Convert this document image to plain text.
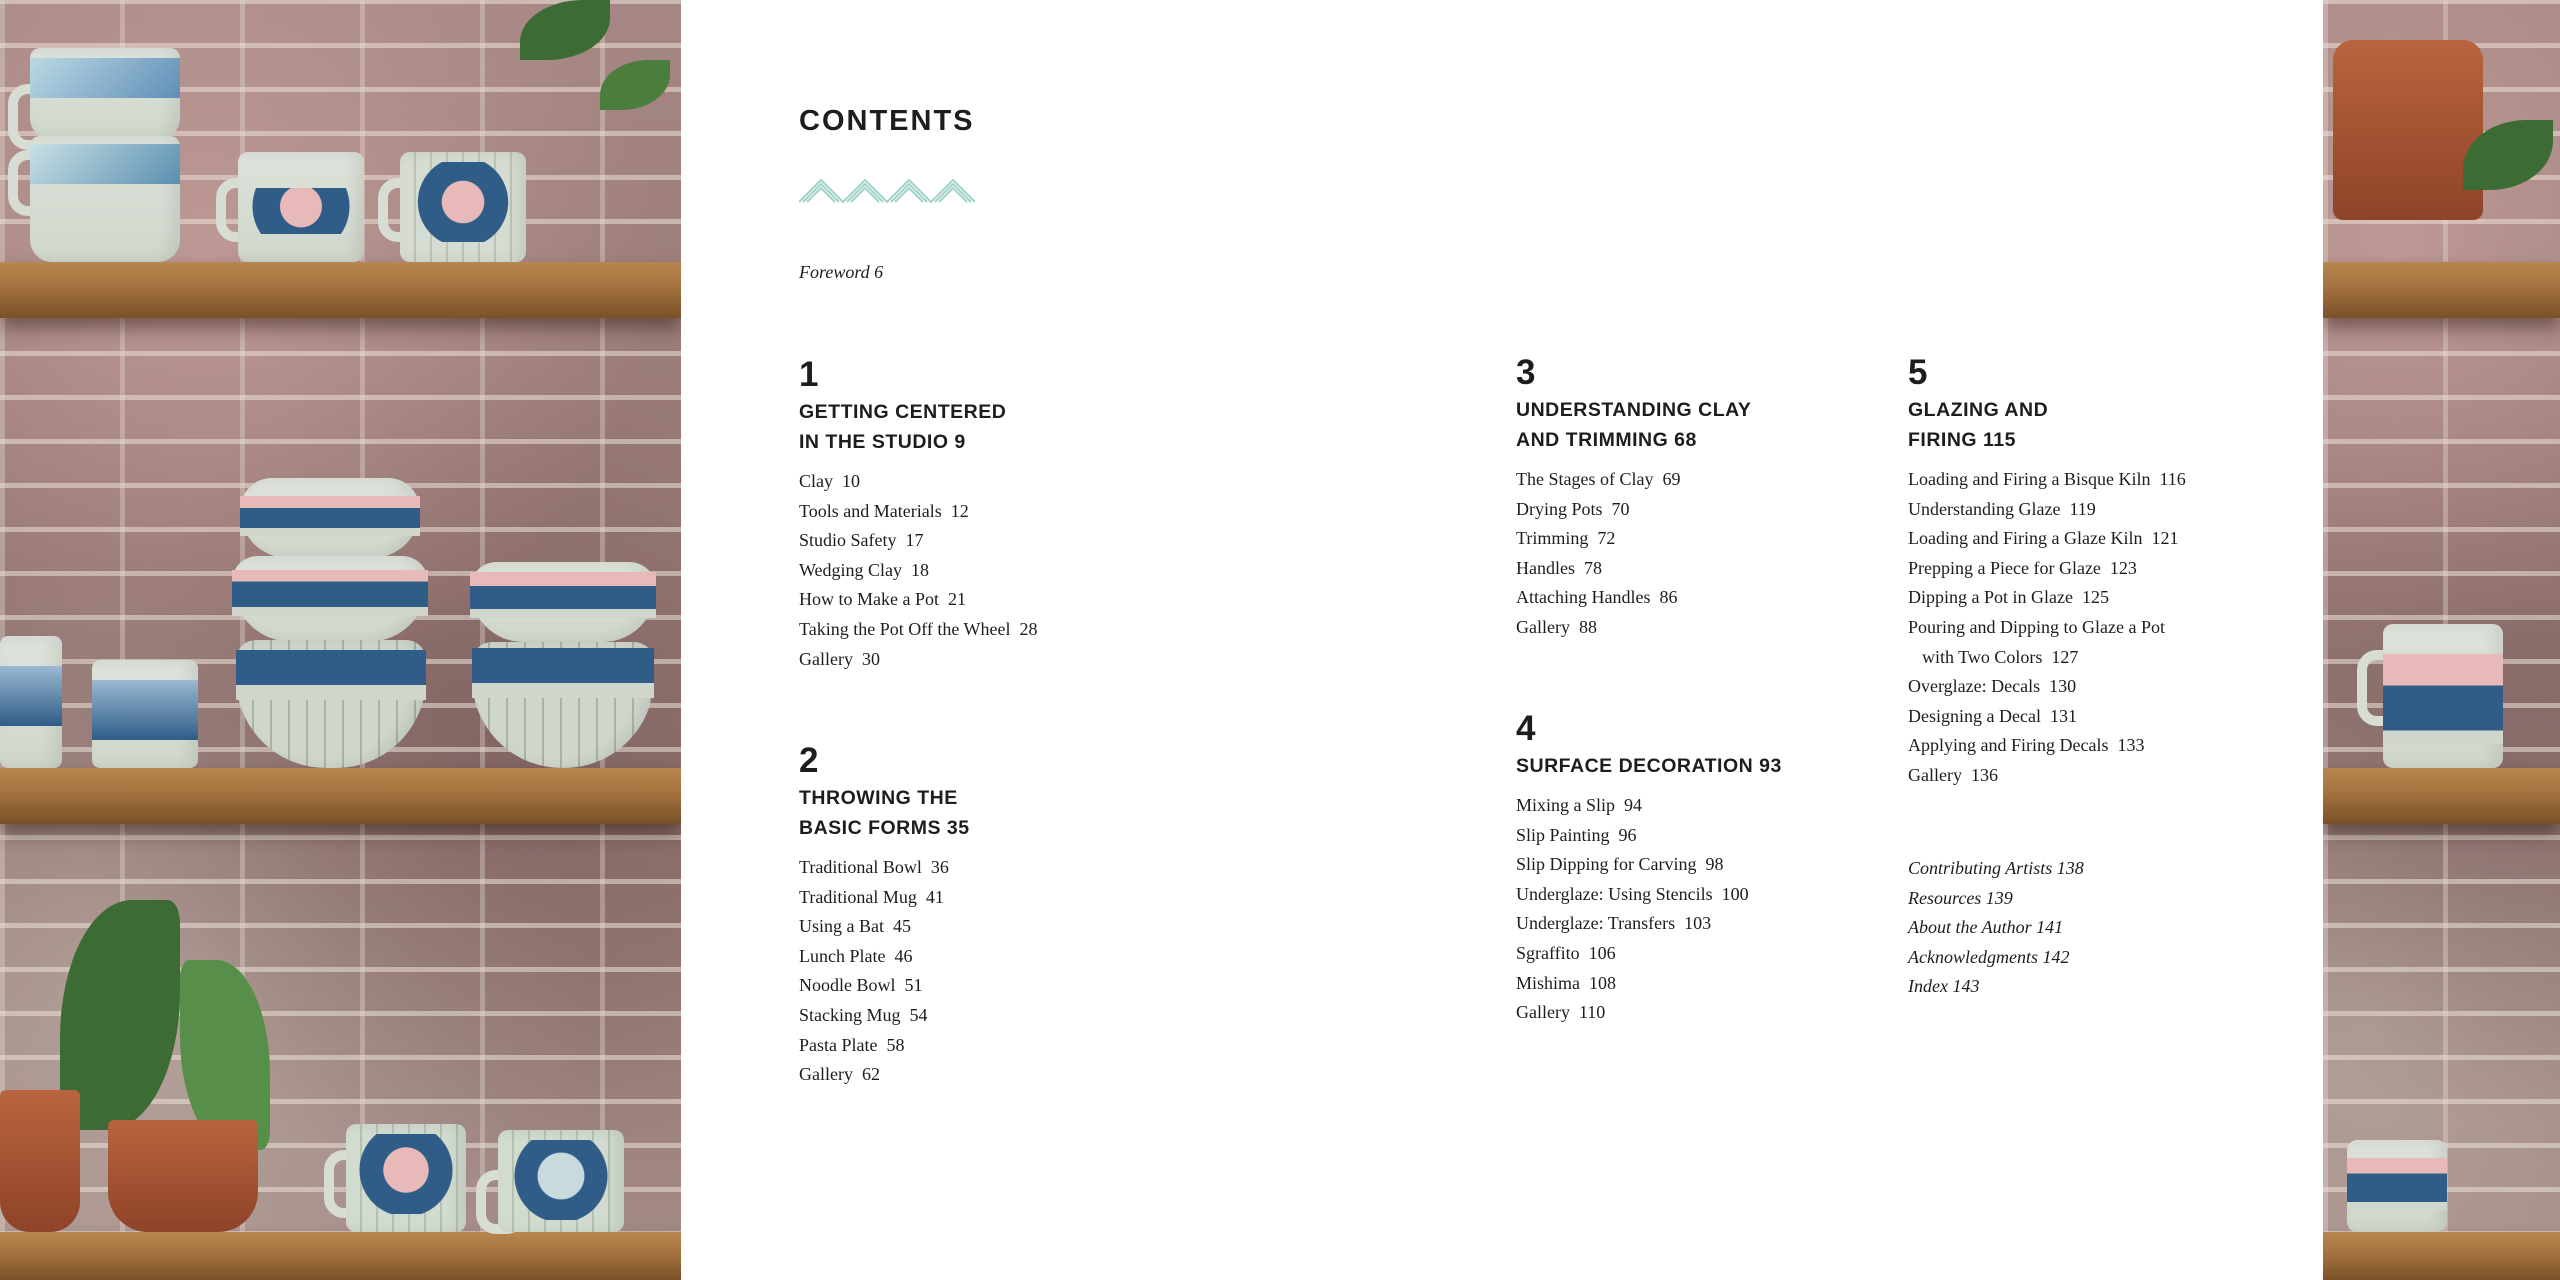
CONTENTS
Foreword 6
1
GETTING CENTERED
IN THE STUDIO 9
Clay  10
Tools and Materials  12
Studio Safety  17
Wedging Clay  18
How to Make a Pot  21
Taking the Pot Off the Wheel  28
Gallery  30
2
THROWING THE
BASIC FORMS 35
Traditional Bowl  36
Traditional Mug  41
Using a Bat  45
Lunch Plate  46
Noodle Bowl  51
Stacking Mug  54
Pasta Plate  58
Gallery  62
3
UNDERSTANDING CLAY
AND TRIMMING 68
The Stages of Clay  69
Drying Pots  70
Trimming  72
Handles  78
Attaching Handles  86
Gallery  88
4
SURFACE DECORATION 93
Mixing a Slip  94
Slip Painting  96
Slip Dipping for Carving  98
Underglaze: Using Stencils  100
Underglaze: Transfers  103
Sgraffito  106
Mishima  108
Gallery  110
5
GLAZING AND
FIRING 115
Loading and Firing a Bisque Kiln  116
Understanding Glaze  119
Loading and Firing a Glaze Kiln  121
Prepping a Piece for Glaze  123
Dipping a Pot in Glaze  125
Pouring and Dipping to Glaze a Pot
with Two Colors  127
Overglaze: Decals  130
Designing a Decal  131
Applying and Firing Decals  133
Gallery  136
Contributing Artists 138
Resources 139
About the Author 141
Acknowledgments 142
Index 143
